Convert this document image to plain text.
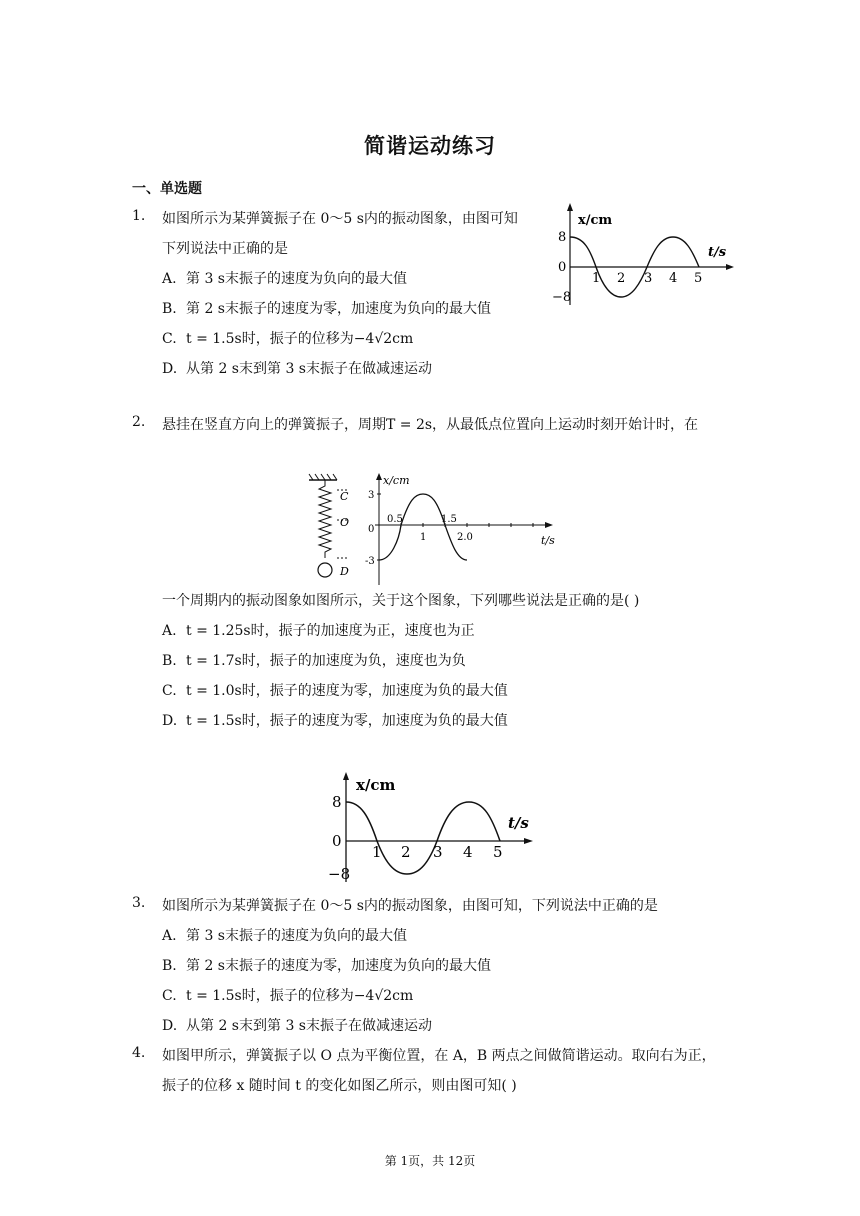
简谐运动练习
一、单选题
1. 如图所示为某弹簧振子在 0～5 s内的振动图象，由图可知
下列说法中正确的是
A. 第 3 s末振子的速度为负向的最大值
B. 第 2 s末振子的速度为零，加速度为负向的最大值
C. t = 1.5s时，振子的位移为−4√2cm
D. 从第 2 s末到第 3 s末振子在做减速运动
x/cm
t/s
8
0
−8
1 2 3 4 5
2. 悬挂在竖直方向上的弹簧振子，周期T = 2s，从最低点位置向上运动时刻开始计时，在
C
O
D
x/cm
t/s
3
0
-3
0.5
1
1.5
2.0
一个周期内的振动图象如图所示，关于这个图象，下列哪些说法是正确的是( )
A. t = 1.25s时，振子的加速度为正，速度也为正
B. t = 1.7s时，振子的加速度为负，速度也为负
C. t = 1.0s时，振子的速度为零，加速度为负的最大值
D. t = 1.5s时，振子的速度为零，加速度为负的最大值
x/cm
t/s
8
0
−8
1 2 3 4 5
3. 如图所示为某弹簧振子在 0～5 s内的振动图象，由图可知，下列说法中正确的是
A. 第 3 s末振子的速度为负向的最大值
B. 第 2 s末振子的速度为零，加速度为负向的最大值
C. t = 1.5s时，振子的位移为−4√2cm
D. 从第 2 s末到第 3 s末振子在做减速运动
4. 如图甲所示，弹簧振子以 O 点为平衡位置，在 A，B 两点之间做简谐运动。取向右为正，
振子的位移 x 随时间 t 的变化如图乙所示，则由图可知( )
第 1页，共 12页
